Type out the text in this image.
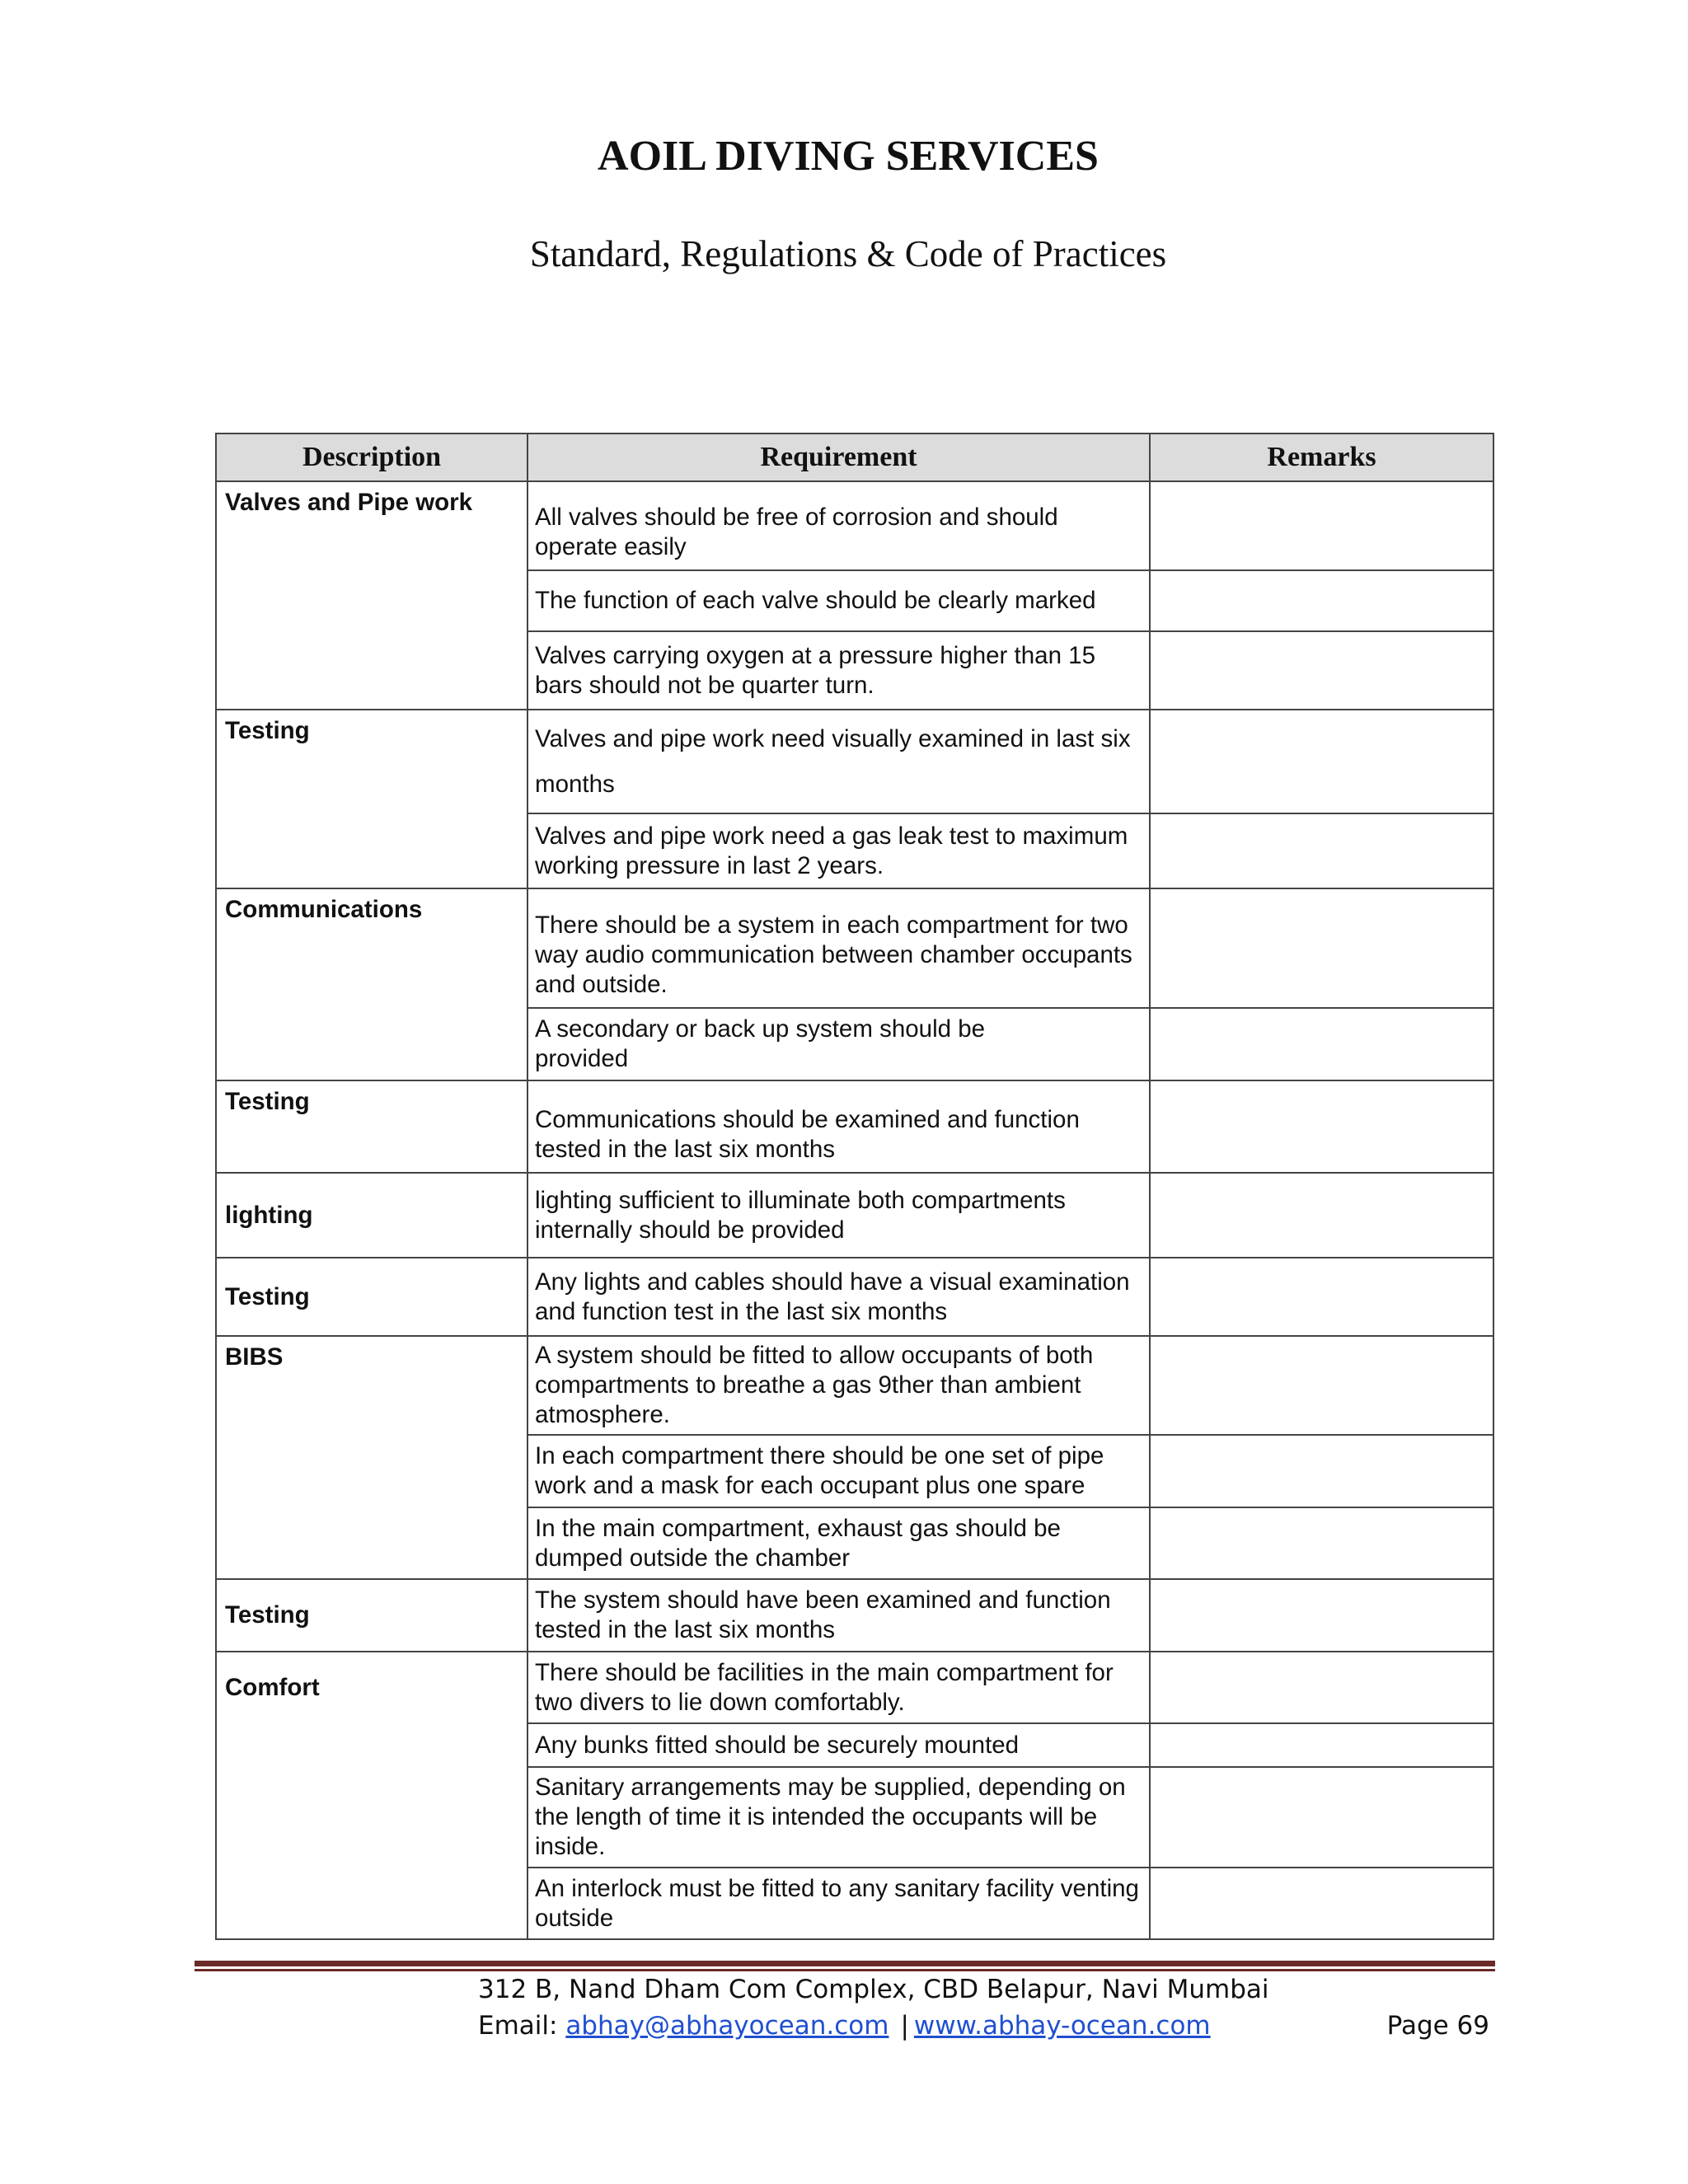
AOIL DIVING SERVICES

Standard, Regulations & Code of Practices

Description	Requirement	Remarks
Valves and Pipe work	All valves should be free of corrosion and should operate easily	
	The function of each valve should be clearly marked	
	Valves carrying oxygen at a pressure higher than 15 bars should not be quarter turn.	
Testing	Valves and pipe work need visually examined in last six months	
	Valves and pipe work need a gas leak test to maximum working pressure in last 2 years.	
Communications	There should be a system in each compartment for two way audio communication between chamber occupants and outside.	
	A secondary or back up system should be provided	
Testing	Communications should be examined and function tested in the last six months	
lighting	lighting sufficient to illuminate both compartments internally should be provided	
Testing	Any lights and cables should have a visual examination and function test in the last six months	
BIBS	A system should be fitted to allow occupants of both compartments to breathe a gas 9ther than ambient atmosphere.	
	In each compartment there should be one set of pipe work and a mask for each occupant plus one spare	
	In the main compartment, exhaust gas should be dumped outside the chamber	
Testing	The system should have been examined and function tested in the last six months	
Comfort	There should be facilities in the main compartment for two divers to lie down comfortably.	
	Any bunks fitted should be securely mounted	
	Sanitary arrangements may be supplied, depending on the length of time it is intended the occupants will be inside.	
	An interlock must be fitted to any sanitary facility venting outside	
312 B, Nand Dham Com Complex, CBD Belapur, Navi Mumbai
Email: abhay@abhayocean.com | www.abhay-ocean.com	Page 69
